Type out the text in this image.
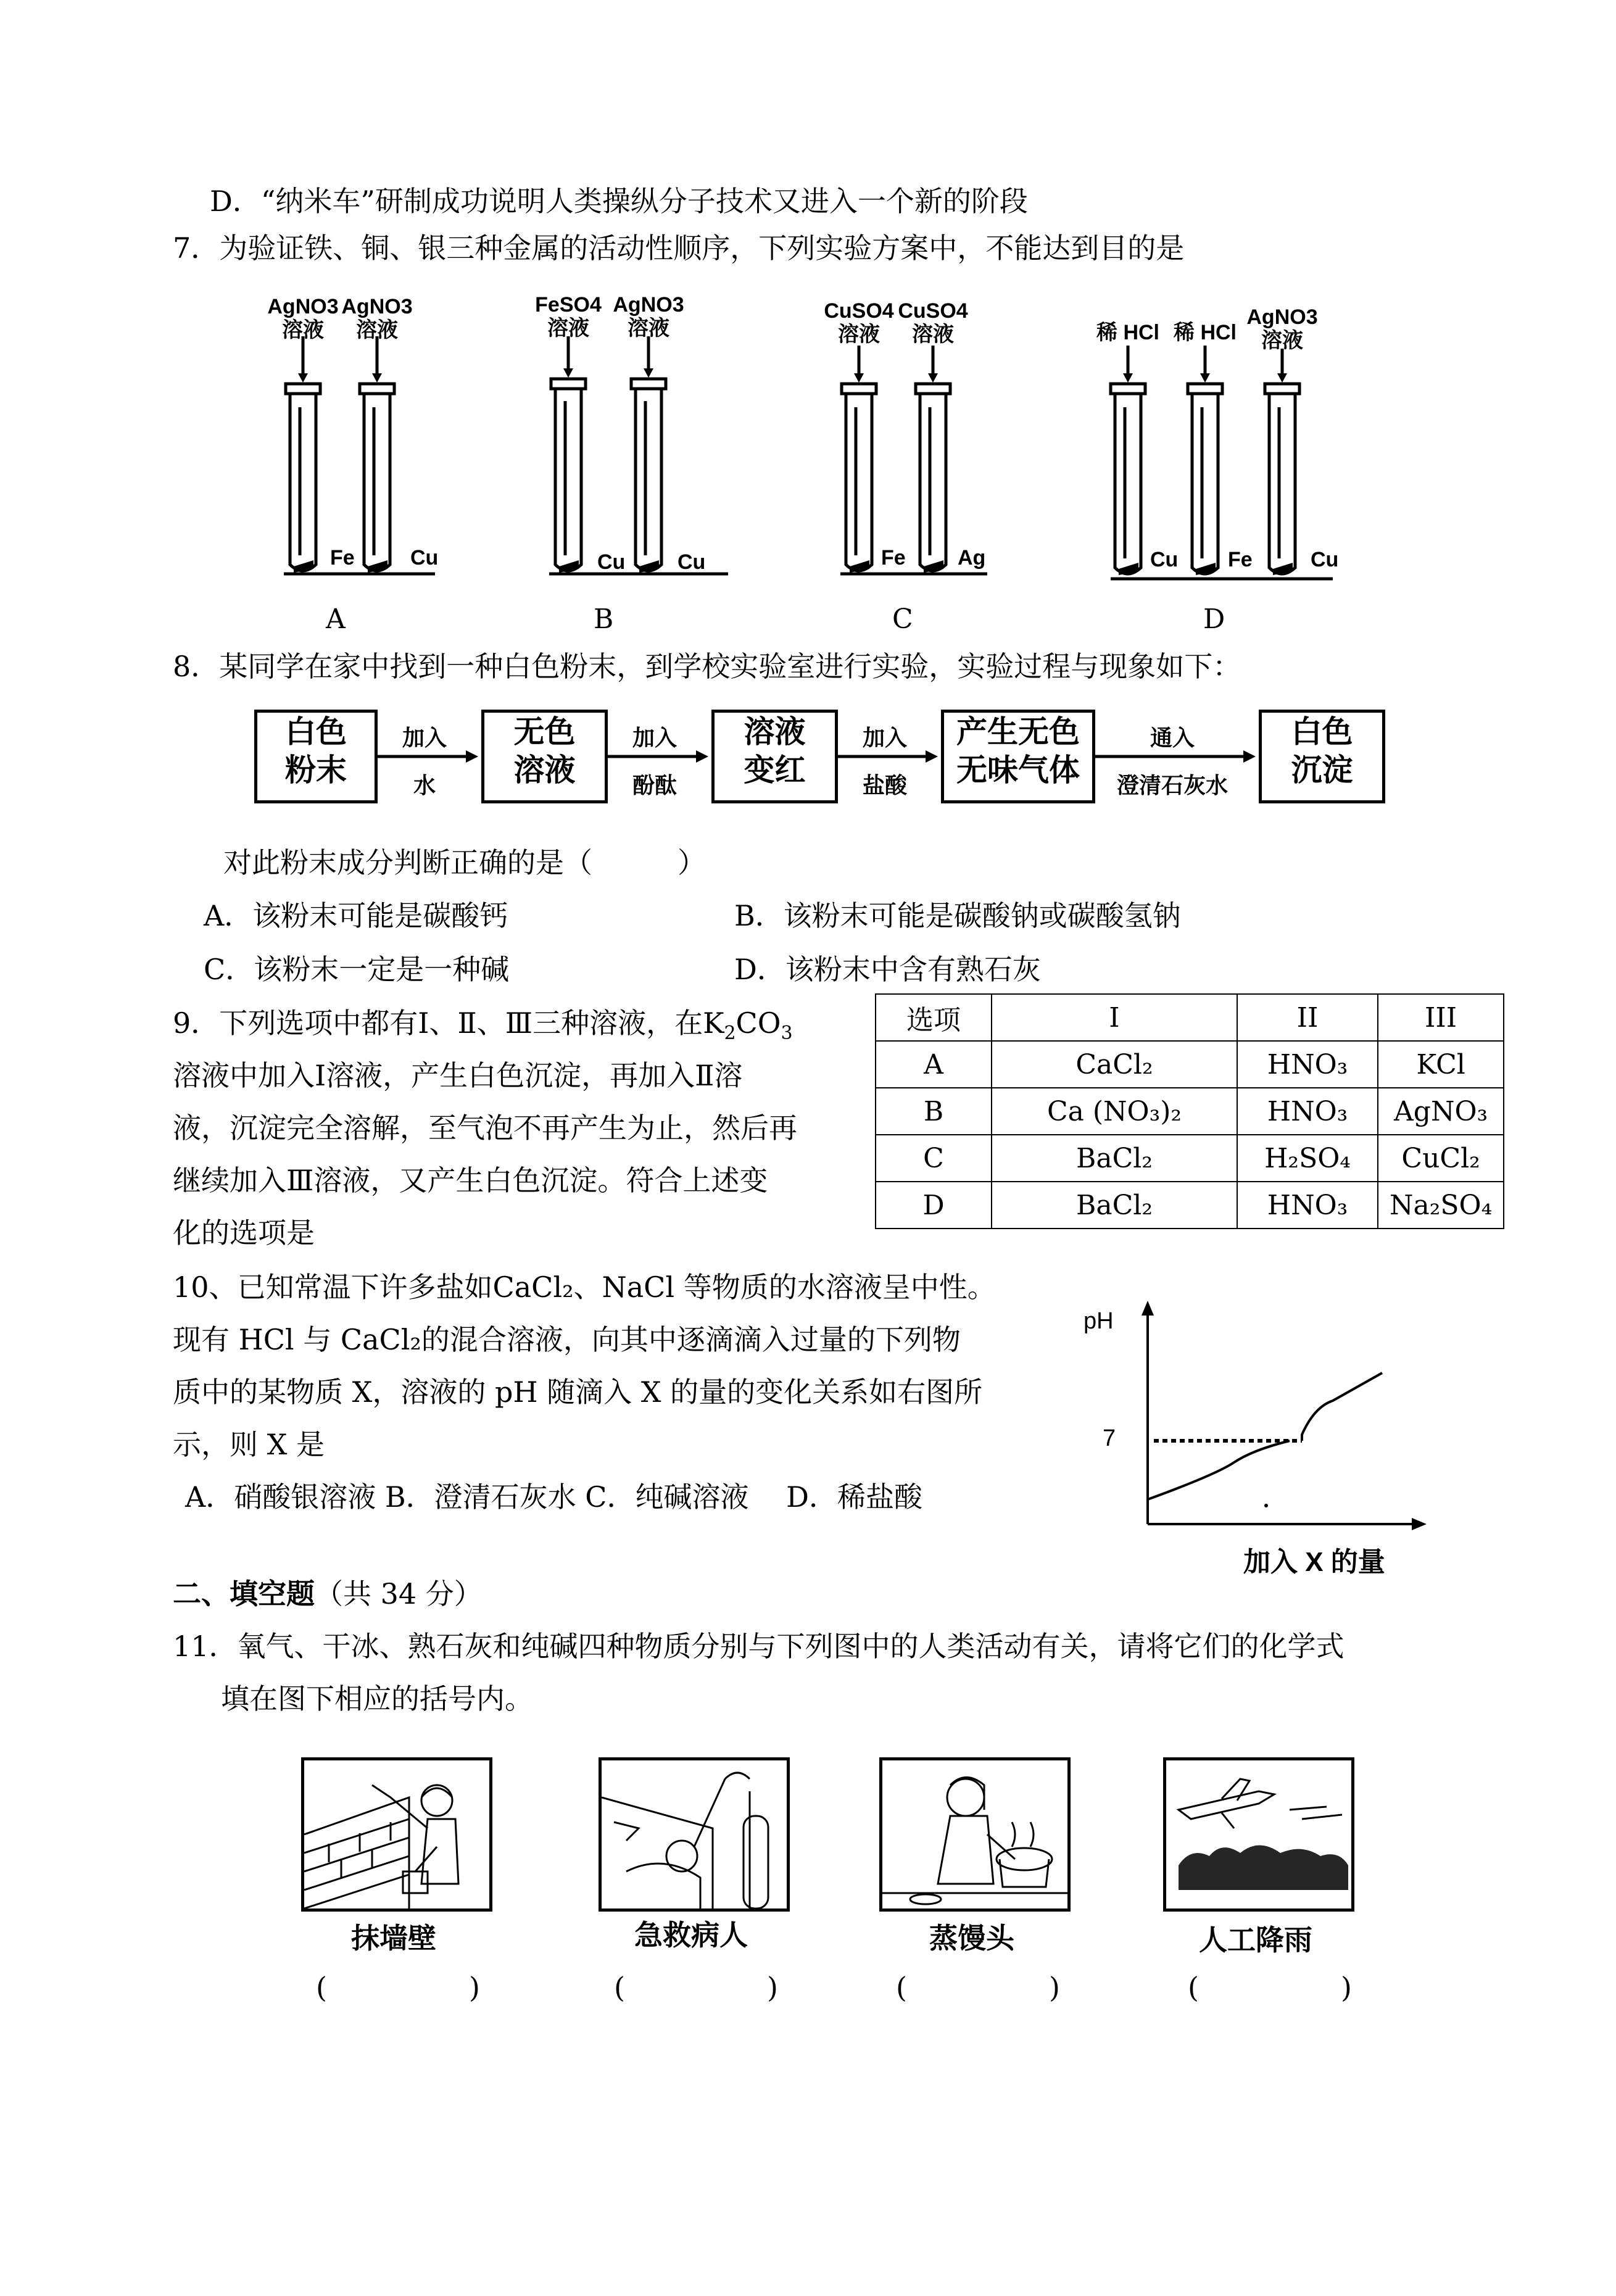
D．“纳米车”研制成功说明人类操纵分子技术又进入一个新的阶段
7．为验证铁、铜、银三种金属的活动性顺序，下列实验方案中，不能达到目的是
AgNO3
溶液
AgNO3
溶液
FeSO4
溶液
AgNO3
溶液
CuSO4
溶液
CuSO4
溶液	稀 HCl 稀 HCl
AgNO3
溶液
Fe	Cu	Cu Cu	Fe Ag	Cu Fe	Cu
A	B	C	D
8．某同学在家中找到一种白色粉末，到学校实验室进行实验，实验过程与现象如下：
白色
粉末
无色
溶液
溶液
变红
产生无色
无味气体
白色
沉淀
加入
水
加入
酚酞
加入
盐酸
通入
澄清石灰水
对此粉末成分判断正确的是（　　　）
A．该粉末可能是碳酸钙	B．该粉末可能是碳酸钠或碳酸氢钠
C．该粉末一定是一种碱	D．该粉末中含有熟石灰
9．下列选项中都有Ⅰ、Ⅱ、Ⅲ三种溶液，在$K_2CO_3$
溶液中加入Ⅰ溶液，产生白色沉淀，再加入Ⅱ溶
液，沉淀完全溶解，至气泡不再产生为止，然后再
继续加入Ⅲ溶液，又产生白色沉淀。符合上述变
化的选项是
选项	I	II	III
A	CaCl₂	HNO₃	KCl
B	Ca (NO₃)₂	HNO₃	AgNO₃
C	BaCl₂	H₂SO₄	CuCl₂
D	BaCl₂	HNO₃	Na₂SO₄
10、已知常温下许多盐如CaCl₂、NaCl 等物质的水溶液呈中性。
现有 HCl 与 CaCl₂的混合溶液，向其中逐滴滴入过量的下列物
质中的某物质 X，溶液的 pH 随滴入 X 的量的变化关系如右图所
示，则 X 是
A．硝酸银溶液 B．澄清石灰水 C．纯碱溶液　 D．稀盐酸
pH
7
加入 X 的量
二、填空题（共 34 分）
11．氧气、干冰、熟石灰和纯碱四种物质分别与下列图中的人类活动有关，请将它们的化学式
填在图下相应的括号内。
抹墙壁	急救病人	蒸馒头	人工降雨
(　　　　　)	(　　　　　)	(　　　　　)	(　　　　　)
